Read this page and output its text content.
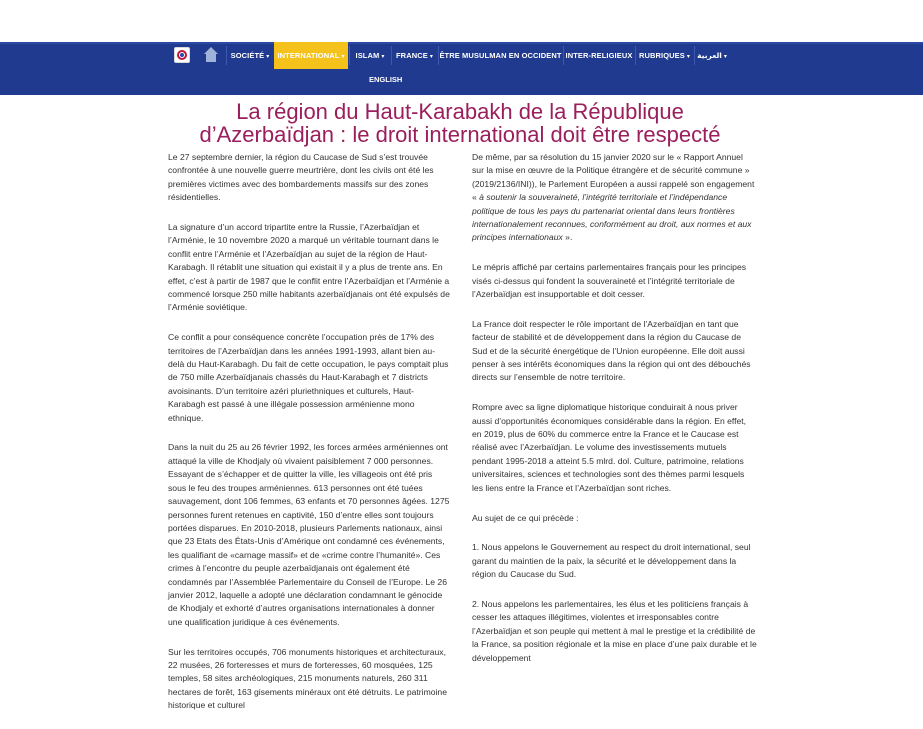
SOCIÉTÉ ▾	INTERNATIONAL ▾	ISLAM ▾	FRANCE ▾ ÊTRE MUSULMAN EN OCCIDENT INTER-RELIGIEUX RUBRIQUES ▾ العربية ▾
ENGLISH
La région du Haut-Karabakh de la République
d’Azerbaïdjan : le droit international doit être respecté

Le 27 septembre dernier, la région du Caucase de Sud s’est trouvée confrontée à une nouvelle guerre meurtrière, dont les civils ont été les premières victimes avec des bombardements massifs sur des zones résidentielles.

La signature d’un accord tripartite entre la Russie, l’Azerbaïdjan et l’Arménie, le 10 novembre 2020 a marqué un véritable tournant dans le conflit entre l’Arménie et l’Azerbaïdjan au sujet de la région de Haut-Karabagh. Il rétablit une situation qui existait il y a plus de trente ans. En effet, c’est à partir de 1987 que le conflit entre l’Azerbaïdjan et l’Arménie a commencé lorsque 250 mille habitants azerbaïdjanais ont été expulsés de l’Arménie soviétique.

Ce conflit a pour conséquence concrète l’occupation près de 17% des territoires de l’Azerbaïdjan dans les années 1991-1993, allant bien au-delà du Haut-Karabagh. Du fait de cette occupation, le pays comptait plus de 750 mille Azerbaïdjanais chassés du Haut-Karabagh et 7 districts avoisinants. D’un territoire azéri pluriethniques et culturels, Haut-Karabagh est passé à une illégale possession arménienne mono ethnique.

Dans la nuit du 25 au 26 février 1992, les forces armées arméniennes ont attaqué la ville de Khodjaly où vivaient paisiblement 7 000 personnes. Essayant de s’échapper et de quitter la ville, les villageois ont été pris sous le feu des troupes arméniennes. 613 personnes ont été tuées sauvagement, dont 106 femmes, 63 enfants et 70 personnes âgées. 1275 personnes furent retenues en captivité, 150 d’entre elles sont toujours portées disparues. En 2010-2018, plusieurs Parlements nationaux, ainsi que 23 Etats des États-Unis d’Amérique ont condamné ces événements, les qualifiant de «carnage massif» et de «crime contre l’humanité». Ces crimes à l’encontre du peuple azerbaïdjanais ont également été condamnés par l’Assemblée Parlementaire du Conseil de l’Europe. Le 26 janvier 2012, laquelle a adopté une déclaration condamnant le génocide de Khodjaly et exhorté d’autres organisations internationales à donner une qualification juridique à ces événements.

Sur les territoires occupés, 706 monuments historiques et architecturaux, 22 musées, 26 forteresses et murs de forteresses, 60 mosquées, 125 temples, 58 sites archéologiques, 215 monuments naturels, 260 311 hectares de forêt, 163 gisements minéraux ont été détruits. Le patrimoine historique et culturel

De même, par sa résolution du 15 janvier 2020 sur le « Rapport Annuel sur la mise en œuvre de la Politique étrangère et de sécurité commune » (2019/2136/INI)), le Parlement Européen a aussi rappelé son engagement « à soutenir la souveraineté, l’intégrité territoriale et l’indépendance politique de tous les pays du partenariat oriental dans leurs frontières internationalement reconnues, conformément au droit, aux normes et aux principes internationaux ».

Le mépris affiché par certains parlementaires français pour les principes visés ci-dessus qui fondent la souveraineté et l’intégrité territoriale de l’Azerbaïdjan est insupportable et doit cesser.

La France doit respecter le rôle important de l’Azerbaïdjan en tant que facteur de stabilité et de développement dans la région du Caucase de Sud et de la sécurité énergétique de l’Union européenne. Elle doit aussi penser à ses intérêts économiques dans la région qui ont des débouchés directs sur l’ensemble de notre territoire.

Rompre avec sa ligne diplomatique historique conduirait à nous priver aussi d’opportunités économiques considérable dans la région. En effet, en 2019, plus de 60% du commerce entre la France et le Caucase est réalisé avec l’Azerbaïdjan. Le volume des investissements mutuels pendant 1995-2018 a atteint 5.5 mlrd. dol. Culture, patrimoine, relations universitaires, sciences et technologies sont des thèmes parmi lesquels les liens entre la France et l’Azerbaïdjan sont riches.

Au sujet de ce qui précède :

1. Nous appelons le Gouvernement au respect du droit international, seul garant du maintien de la paix, la sécurité et le développement dans la région du Caucase du Sud.

2. Nous appelons les parlementaires, les élus et les politiciens français à cesser les attaques illégitimes, violentes et irresponsables contre l’Azerbaïdjan et son peuple qui mettent à mal le prestige et la crédibilité de la France, sa position régionale et la mise en place d’une paix durable et le développement
